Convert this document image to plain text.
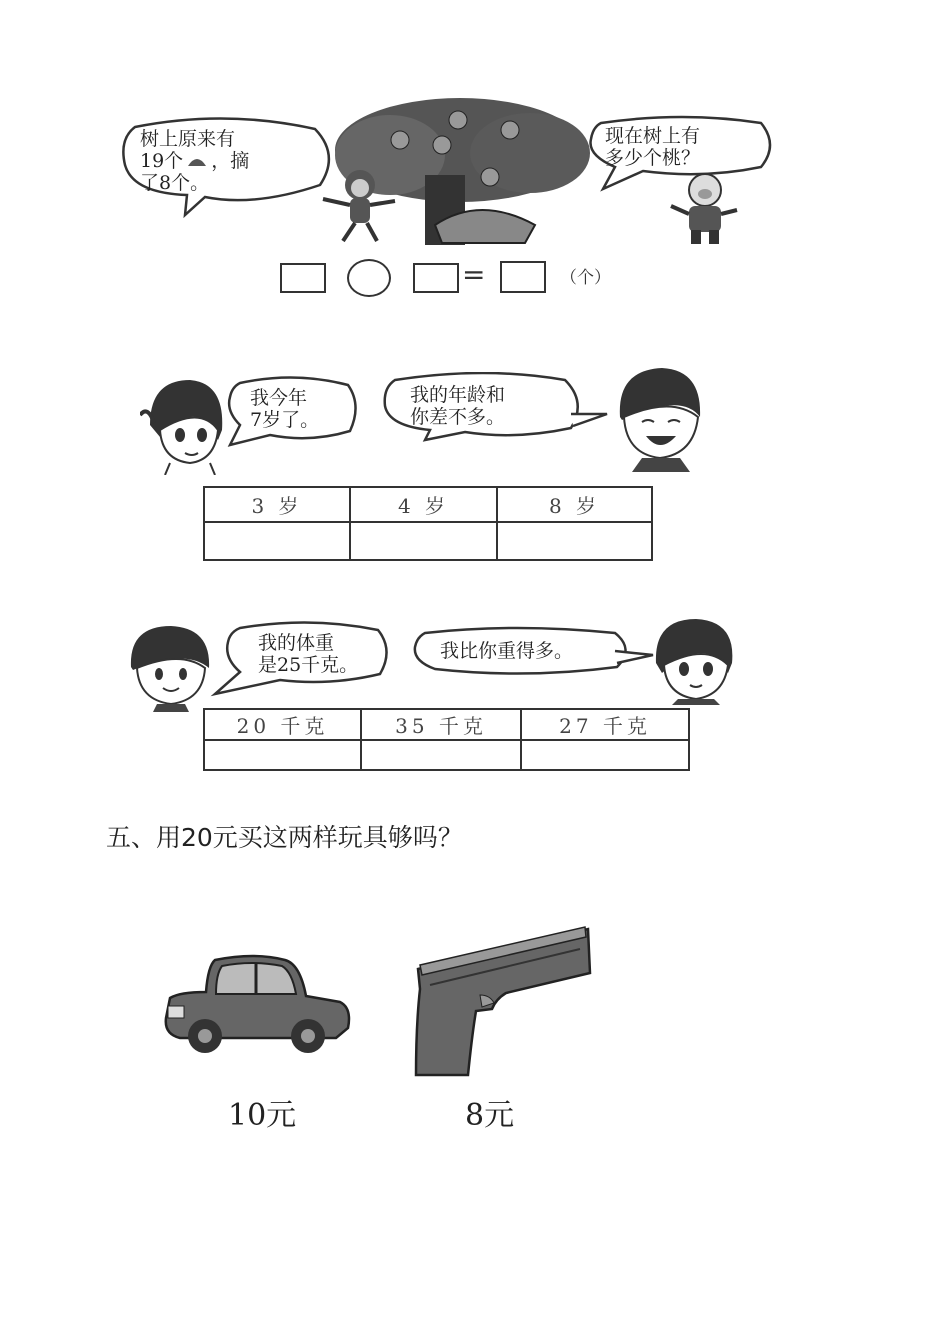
树上原来有
19个 ，摘
了8个。
现在树上有
多少个桃？
=	（个）
我今年
7岁了。
我的年龄和
你差不多。
3 岁	4 岁	8 岁
我的体重
是25千克。
我比你重得多。
20 千克	35 千克	27 千克
五、用20元买这两样玩具够吗？
10元	8元
